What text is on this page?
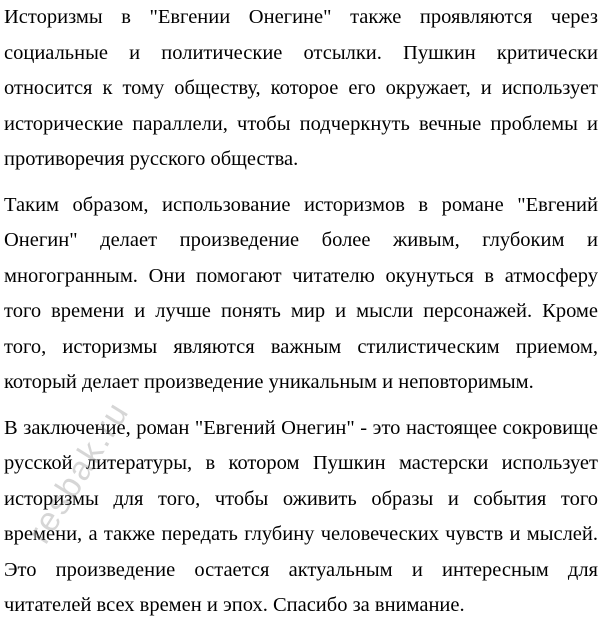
Историзмы в "Евгении Онегине" также проявляются через социальные и политические отсылки. Пушкин критически относится к тому обществу, которое его окружает, и использует исторические параллели, чтобы подчеркнуть вечные проблемы и противоречия русского общества.

Таким образом, использование историзмов в романе "Евгений Онегин" делает произведение более живым, глубоким и многогранным. Они помогают читателю окунуться в атмосферу того времени и лучше понять мир и мысли персонажей. Кроме того, историзмы являются важным стилистическим приемом, который делает произведение уникальным и неповторимым.

В заключение, роман "Евгений Онегин" - это настоящее сокровище русской литературы, в котором Пушкин мастерски использует историзмы для того, чтобы оживить образы и события того времени, а также передать глубину человеческих чувств и мыслей. Это произведение остается актуальным и интересным для читателей всех времен и эпох. Спасибо за внимание.

resbak.ru
